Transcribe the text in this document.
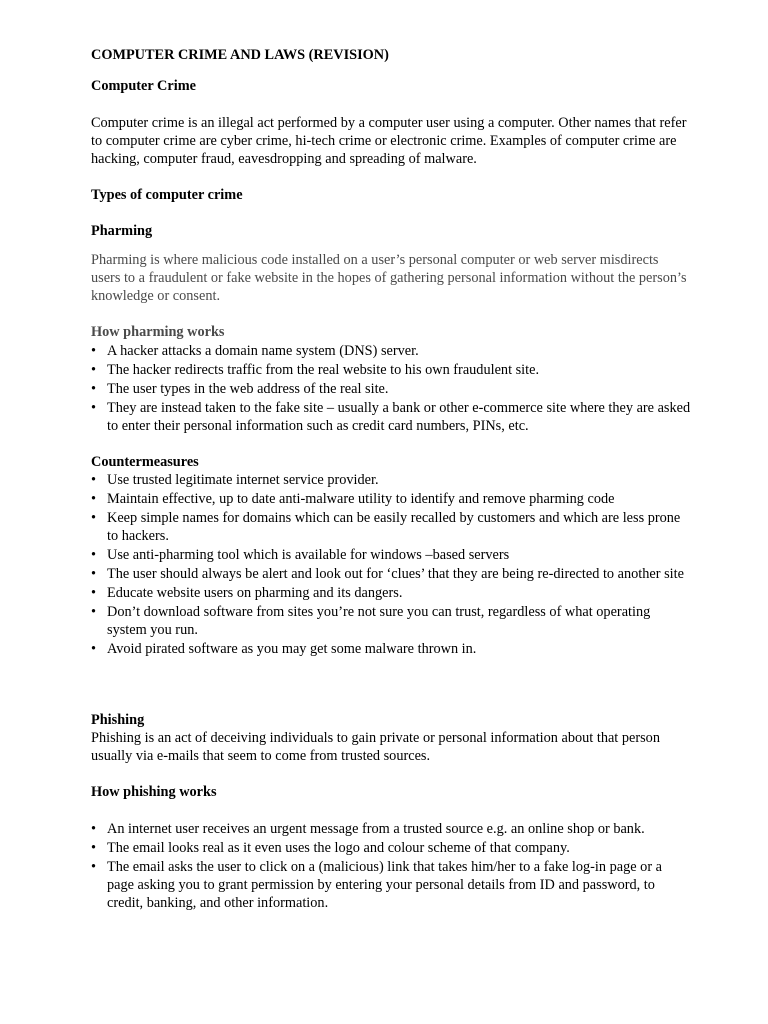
COMPUTER CRIME AND LAWS (REVISION)

Computer Crime

Computer crime is an illegal act performed by a computer user using a computer. Other names that refer to computer crime are cyber crime, hi-tech crime or electronic crime. Examples of computer crime are hacking, computer fraud, eavesdropping and spreading of malware.

Types of computer crime

Pharming

Pharming is where malicious code installed on a user’s personal computer or web server misdirects users to a fraudulent or fake website in the hopes of gathering personal information without the person’s knowledge or consent.

How pharming works

• A hacker attacks a domain name system (DNS) server.
• The hacker redirects traffic from the real website to his own fraudulent site.
• The user types in the web address of the real site.
• They are instead taken to the fake site – usually a bank or other e-commerce site where they are asked to enter their personal information such as credit card numbers, PINs, etc.

Countermeasures

• Use trusted legitimate internet service provider.
• Maintain effective, up to date anti-malware utility to identify and remove pharming code
• Keep simple names for domains which can be easily recalled by customers and which are less prone to hackers.
• Use anti-pharming tool which is available for windows –based servers
• The user should always be alert and look out for ‘clues’ that they are being re-directed to another site
• Educate website users on pharming and its dangers.
• Don’t download software from sites you’re not sure you can trust, regardless of what operating system you run.
• Avoid pirated software as you may get some malware thrown in.

Phishing

Phishing is an act of deceiving individuals to gain private or personal information about that person usually via e-mails that seem to come from trusted sources.

How phishing works

• An internet user receives an urgent message from a trusted source e.g. an online shop or bank.
• The email looks real as it even uses the logo and colour scheme of that company.
• The email asks the user to click on a (malicious) link that takes him/her to a fake log-in page or a page asking you to grant permission by entering your personal details from ID and password, to credit, banking, and other information.
